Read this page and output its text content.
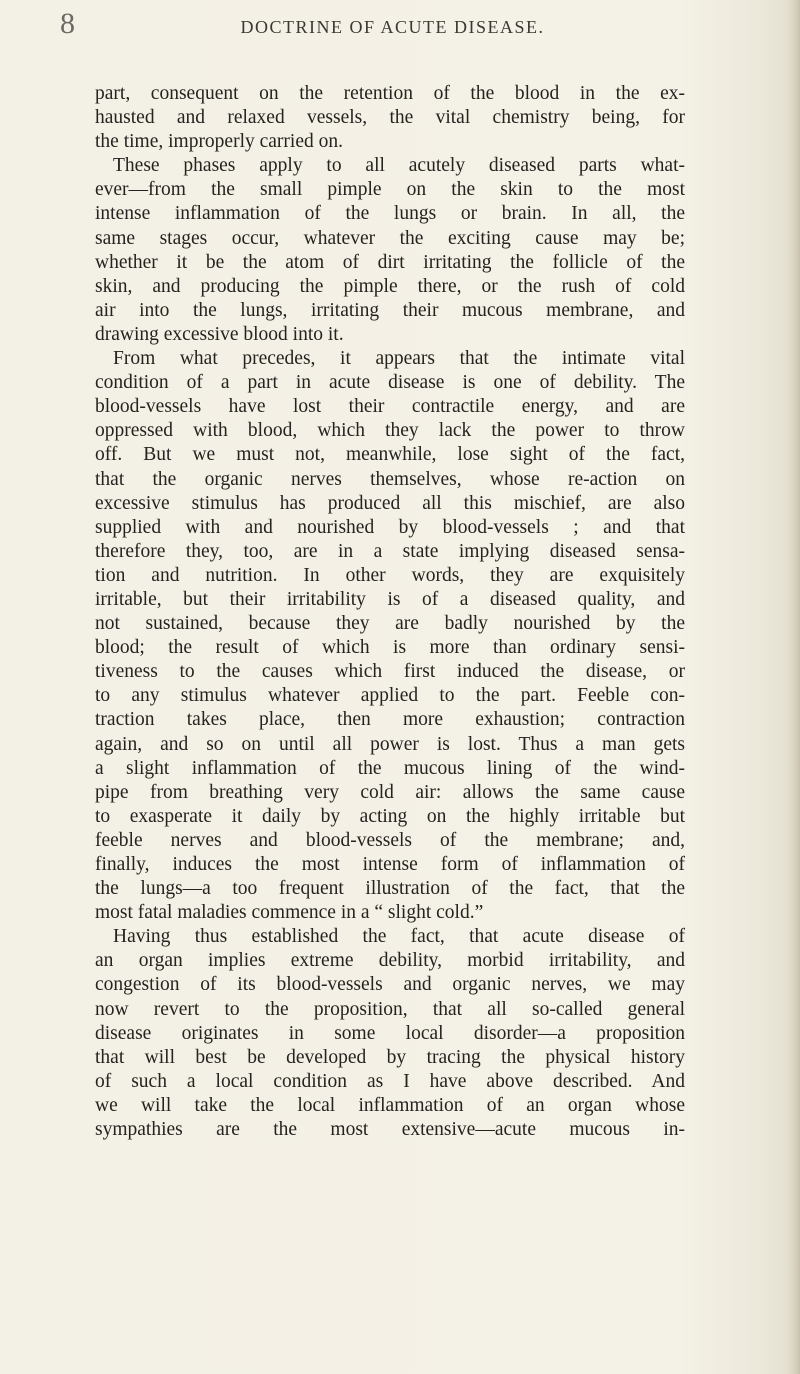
8	DOCTRINE OF ACUTE DISEASE.
part, consequent on the retention of the blood in the ex-
hausted and relaxed vessels, the vital chemistry being, for
the time, improperly carried on.
These phases apply to all acutely diseased parts what-
ever—from the small pimple on the skin to the most
intense inflammation of the lungs or brain. In all, the
same stages occur, whatever the exciting cause may be;
whether it be the atom of dirt irritating the follicle of the
skin, and producing the pimple there, or the rush of cold
air into the lungs, irritating their mucous membrane, and
drawing excessive blood into it.
From what precedes, it appears that the intimate vital
condition of a part in acute disease is one of debility. The
blood-vessels have lost their contractile energy, and are
oppressed with blood, which they lack the power to throw
off. But we must not, meanwhile, lose sight of the fact,
that the organic nerves themselves, whose re-action on
excessive stimulus has produced all this mischief, are also
supplied with and nourished by blood-vessels ; and that
therefore they, too, are in a state implying diseased sensa-
tion and nutrition. In other words, they are exquisitely
irritable, but their irritability is of a diseased quality, and
not sustained, because they are badly nourished by the
blood; the result of which is more than ordinary sensi-
tiveness to the causes which first induced the disease, or
to any stimulus whatever applied to the part. Feeble con-
traction takes place, then more exhaustion; contraction
again, and so on until all power is lost. Thus a man gets
a slight inflammation of the mucous lining of the wind-
pipe from breathing very cold air: allows the same cause
to exasperate it daily by acting on the highly irritable but
feeble nerves and blood-vessels of the membrane; and,
finally, induces the most intense form of inflammation of
the lungs—a too frequent illustration of the fact, that the
most fatal maladies commence in a “ slight cold.”
Having thus established the fact, that acute disease of
an organ implies extreme debility, morbid irritability, and
congestion of its blood-vessels and organic nerves, we may
now revert to the proposition, that all so-called general
disease originates in some local disorder—a proposition
that will best be developed by tracing the physical history
of such a local condition as I have above described. And
we will take the local inflammation of an organ whose
sympathies are the most extensive—acute mucous in-
